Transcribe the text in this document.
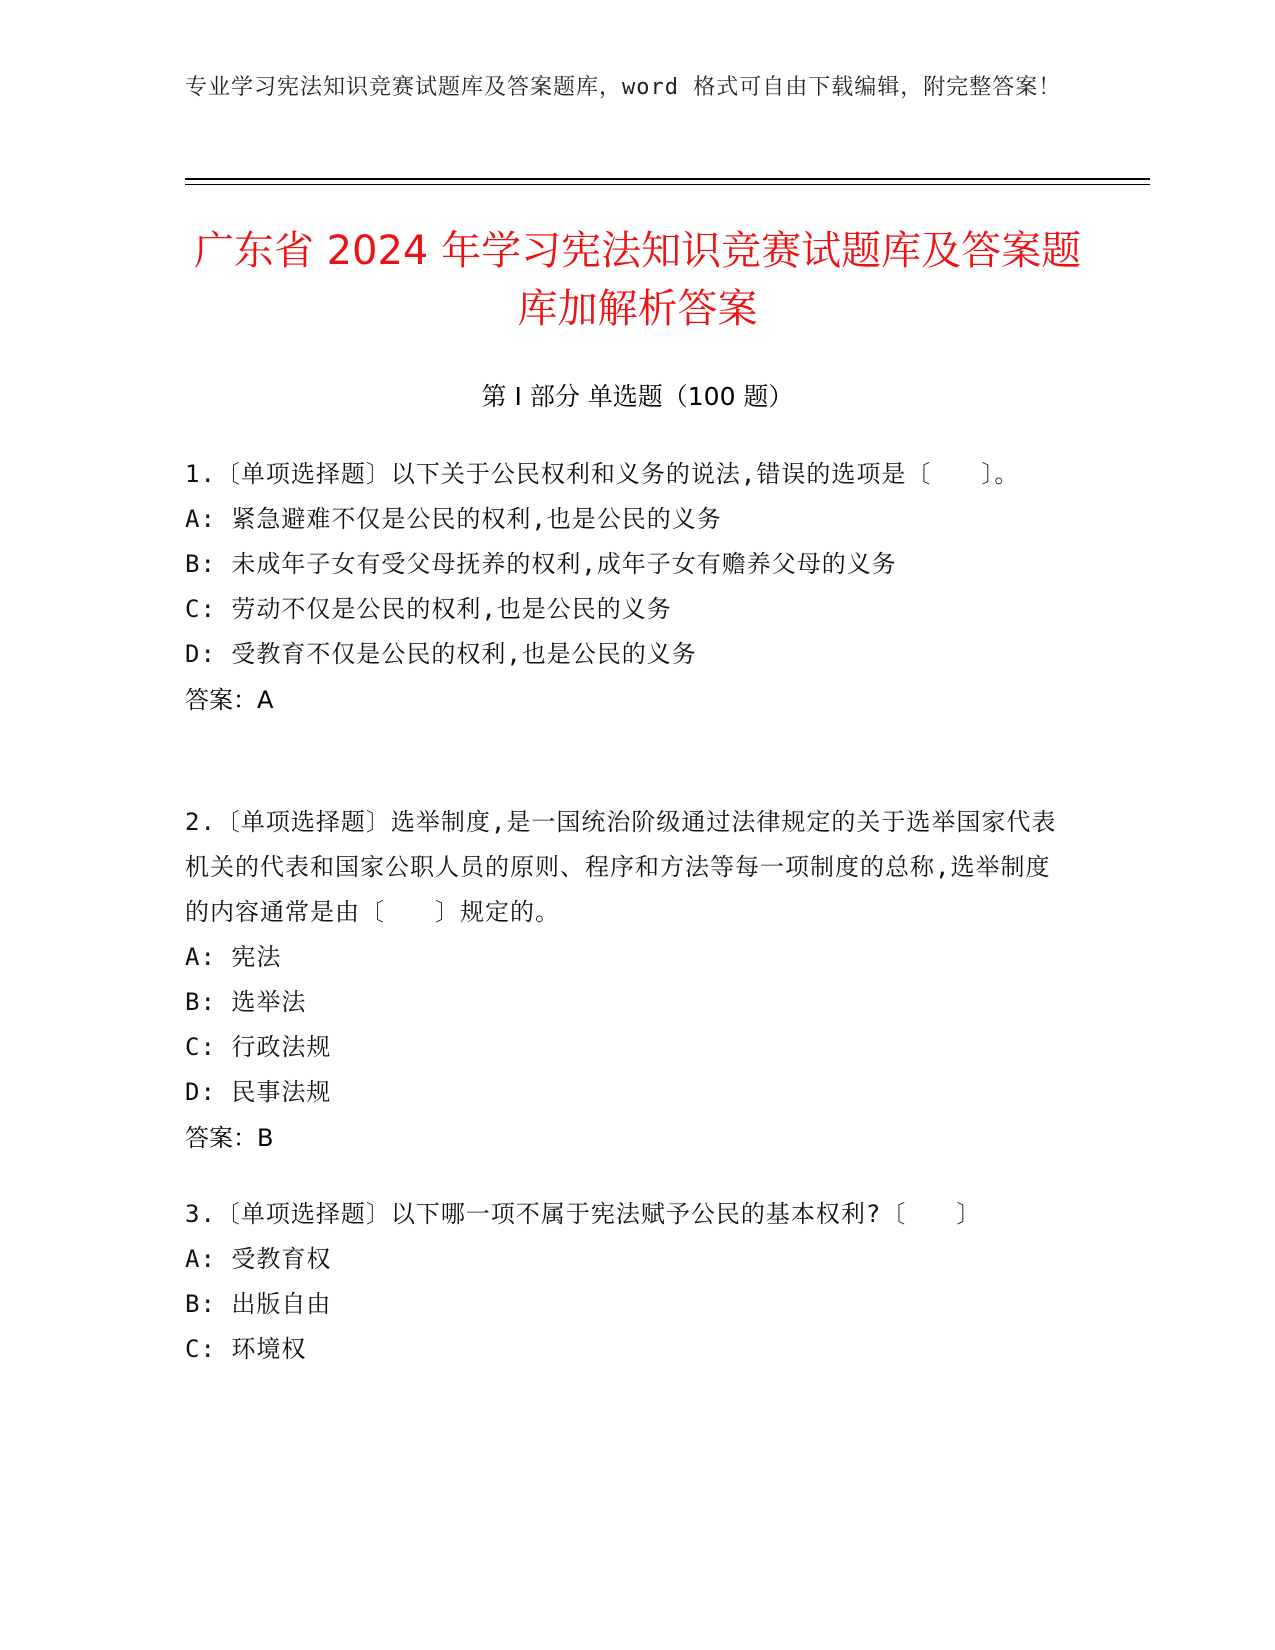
专业学习宪法知识竞赛试题库及答案题库，word 格式可自由下载编辑，附完整答案！
广东省 2024 年学习宪法知识竞赛试题库及答案题库加解析答案
第 I 部分 单选题（100 题）
1.〔单项选择题〕以下关于公民权利和义务的说法,错误的选项是〔　　〕。
A: 紧急避难不仅是公民的权利,也是公民的义务
B: 未成年子女有受父母抚养的权利,成年子女有赡养父母的义务
C: 劳动不仅是公民的权利,也是公民的义务
D: 受教育不仅是公民的权利,也是公民的义务
答案：A
2.〔单项选择题〕选举制度,是一国统治阶级通过法律规定的关于选举国家代表机关的代表和国家公职人员的原则、程序和方法等每一项制度的总称,选举制度的内容通常是由〔　　〕规定的。
A: 宪法
B: 选举法
C: 行政法规
D: 民事法规
答案：B
3.〔单项选择题〕以下哪一项不属于宪法赋予公民的基本权利?〔　　〕
A: 受教育权
B: 出版自由
C: 环境权
